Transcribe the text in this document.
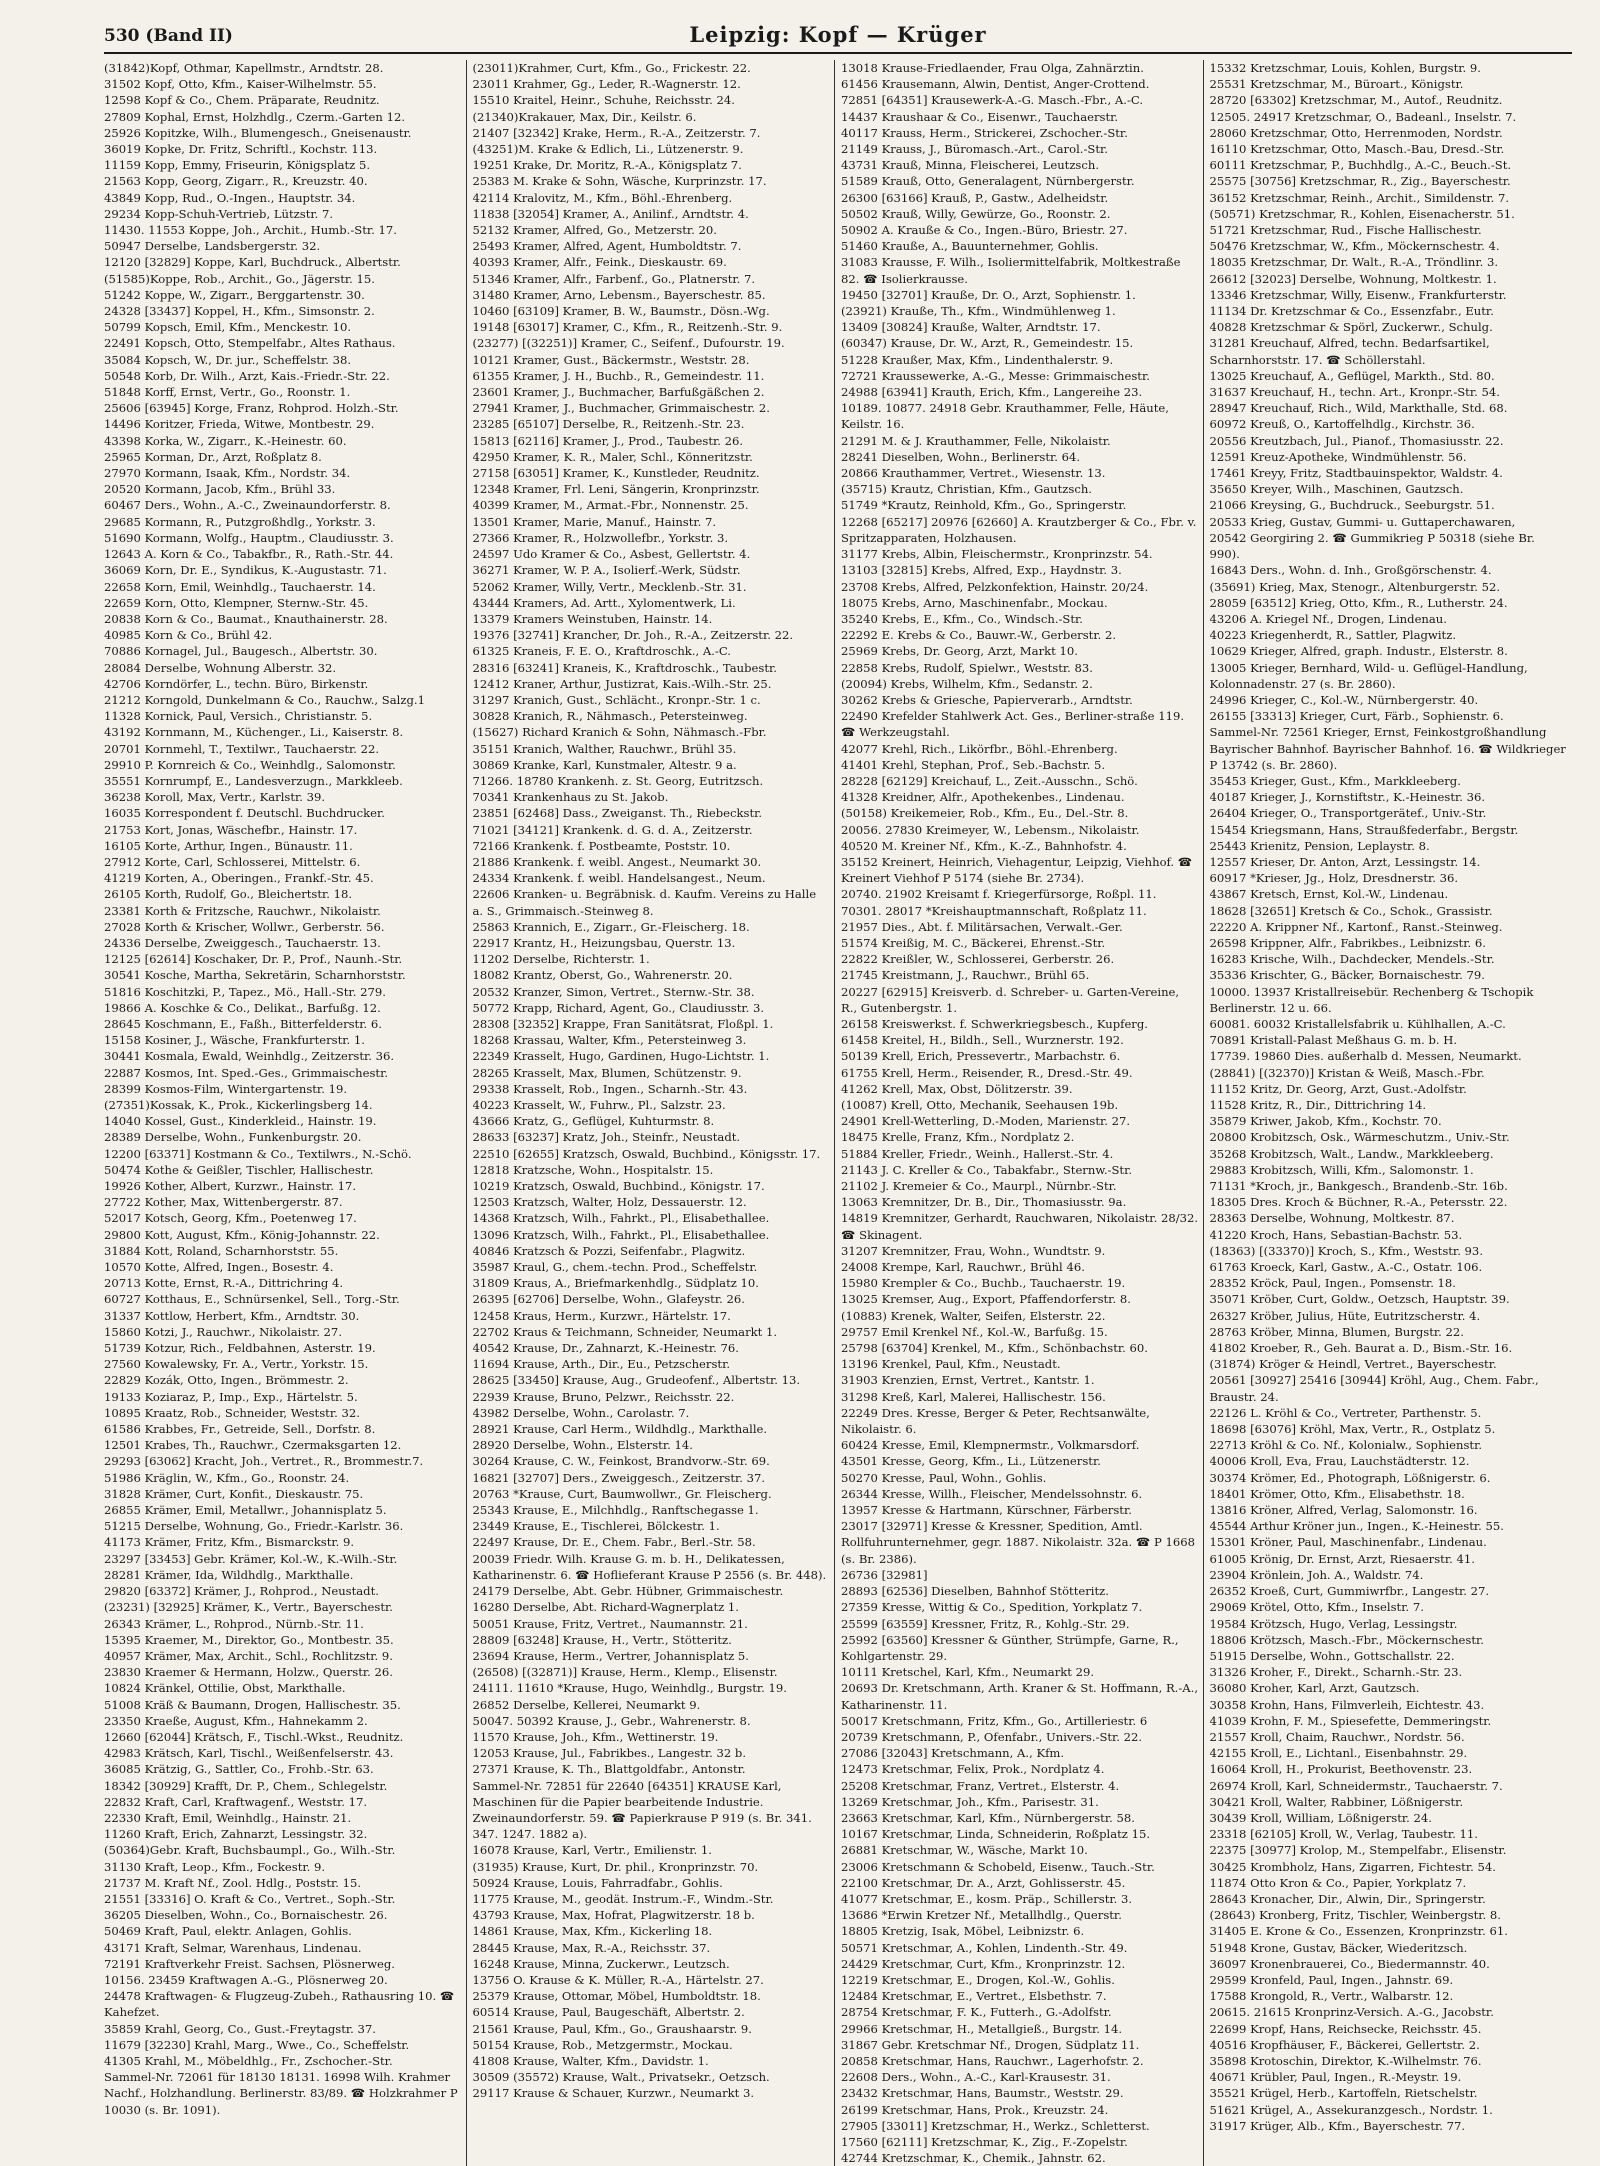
530 (Band II)	Leipzig: Kopf — Krüger
(31842)Kopf, Othmar, Kapellmstr., Arndtstr. 28.
31502 Kopf, Otto, Kfm., Kaiser-Wilhelmstr. 55.
12598 Kopf & Co., Chem. Präparate, Reudnitz.
27809 Kophal, Ernst, Holzhdlg., Czerm.-Garten 12.
25926 Kopitzke, Wilh., Blumengesch., Gneisenaustr.
36019 Kopke, Dr. Fritz, Schriftl., Kochstr. 113.
11159 Kopp, Emmy, Friseurin, Königsplatz 5.
21563 Kopp, Georg, Zigarr., R., Kreuzstr. 40.
43849 Kopp, Rud., O.-Ingen., Hauptstr. 34.
29234 Kopp-Schuh-Vertrieb, Lützstr. 7.
11430. 11553 Koppe, Joh., Archit., Humb.-Str. 17.
50947 Derselbe, Landsbergerstr. 32.
12120 [32829] Koppe, Karl, Buchdruck., Albertstr.
(51585)Koppe, Rob., Archit., Go., Jägerstr. 15.
51242 Koppe, W., Zigarr., Berggartenstr. 30.
24328 [33437] Koppel, H., Kfm., Simsonstr. 2.
50799 Kopsch, Emil, Kfm., Menckestr. 10.
22491 Kopsch, Otto, Stempelfabr., Altes Rathaus.
35084 Kopsch, W., Dr. jur., Scheffelstr. 38.
50548 Korb, Dr. Wilh., Arzt, Kais.-Friedr.-Str. 22.
51848 Korff, Ernst, Vertr., Go., Roonstr. 1.
25606 [63945] Korge, Franz, Rohprod. Holzh.-Str.
14496 Koritzer, Frieda, Witwe, Montbestr. 29.
43398 Korka, W., Zigarr., K.-Heinestr. 60.
25965 Korman, Dr., Arzt, Roßplatz 8.
27970 Kormann, Isaak, Kfm., Nordstr. 34.
20520 Kormann, Jacob, Kfm., Brühl 33.
60467 Ders., Wohn., A.-C., Zweinaundorferstr. 8.
29685 Kormann, R., Putzgroßhdlg., Yorkstr. 3.
51690 Kormann, Wolfg., Hauptm., Claudiusstr. 3.
12643 A. Korn & Co., Tabakfbr., R., Rath.-Str. 44.
36069 Korn, Dr. E., Syndikus, K.-Augustastr. 71.
22658 Korn, Emil, Weinhdlg., Tauchaerstr. 14.
22659 Korn, Otto, Klempner, Sternw.-Str. 45.
20838 Korn & Co., Baumat., Knauthainerstr. 28.
40985 Korn & Co., Brühl 42.
70886 Kornagel, Jul., Baugesch., Albertstr. 30.
28084 Derselbe, Wohnung Alberstr. 32.
42706 Korndörfer, L., techn. Büro, Birkenstr.
21212 Korngold, Dunkelmann & Co., Rauchw., Salzg.1
11328 Kornick, Paul, Versich., Christianstr. 5.
43192 Kornmann, M., Küchenger., Li., Kaiserstr. 8.
20701 Kornmehl, T., Textilwr., Tauchaerstr. 22.
29910 P. Kornreich & Co., Weinhdlg., Salomonstr.
35551 Kornrumpf, E., Landesverzugn., Markkleeb.
36238 Koroll, Max, Vertr., Karlstr. 39.
16035 Korrespondent f. Deutschl. Buchdrucker.
21753 Kort, Jonas, Wäschefbr., Hainstr. 17.
16105 Korte, Arthur, Ingen., Bünaustr. 11.
27912 Korte, Carl, Schlosserei, Mittelstr. 6.
41219 Korten, A., Oberingen., Frankf.-Str. 45.
26105 Korth, Rudolf, Go., Bleichertstr. 18.
23381 Korth & Fritzsche, Rauchwr., Nikolaistr.
27028 Korth & Krischer, Wollwr., Gerberstr. 56.
24336 Derselbe, Zweiggesch., Tauchaerstr. 13.
12125 [62614] Koschaker, Dr. P., Prof., Naunh.-Str.
30541 Kosche, Martha, Sekretärin, Scharnhorststr.
51816 Koschitzki, P., Tapez., Mö., Hall.-Str. 279.
19866 A. Koschke & Co., Delikat., Barfußg. 12.
28645 Koschmann, E., Faßh., Bitterfelderstr. 6.
15158 Kosiner, J., Wäsche, Frankfurterstr. 1.
30441 Kosmala, Ewald, Weinhdlg., Zeitzerstr. 36.
22887 Kosmos, Int. Sped.-Ges., Grimmaischestr.
28399 Kosmos-Film, Wintergartenstr. 19.
(27351)Kossak, K., Prok., Kickerlingsberg 14.
14040 Kossel, Gust., Kinderkleid., Hainstr. 19.
28389 Derselbe, Wohn., Funkenburgstr. 20.
12200 [63371] Kostmann & Co., Textilwrs., N.-Schö.
50474 Kothe & Geißler, Tischler, Hallischestr.
19926 Kother, Albert, Kurzwr., Hainstr. 17.
27722 Kother, Max, Wittenbergerstr. 87.
52017 Kotsch, Georg, Kfm., Poetenweg 17.
29800 Kott, August, Kfm., König-Johannstr. 22.
31884 Kott, Roland, Scharnhorststr. 55.
10570 Kotte, Alfred, Ingen., Bosestr. 4.
20713 Kotte, Ernst, R.-A., Dittrichring 4.
60727 Kotthaus, E., Schnürsenkel, Sell., Torg.-Str.
31337 Kottlow, Herbert, Kfm., Arndtstr. 30.
15860 Kotzi, J., Rauchwr., Nikolaistr. 27.
51739 Kotzur, Rich., Feldbahnen, Asterstr. 19.
27560 Kowalewsky, Fr. A., Vertr., Yorkstr. 15.
22829 Kozák, Otto, Ingen., Brömmestr. 2.
19133 Koziaraz, P., Imp., Exp., Härtelstr. 5.
10895 Kraatz, Rob., Schneider, Weststr. 32.
61586 Krabbes, Fr., Getreide, Sell., Dorfstr. 8.
12501 Krabes, Th., Rauchwr., Czermaksgarten 12.
29293 [63062] Kracht, Joh., Vertret., R., Brommestr.7.
51986 Kräglin, W., Kfm., Go., Roonstr. 24.
31828 Krämer, Curt, Konfit., Dieskaustr. 75.
26855 Krämer, Emil, Metallwr., Johannisplatz 5.
51215 Derselbe, Wohnung, Go., Friedr.-Karlstr. 36.
41173 Krämer, Fritz, Kfm., Bismarckstr. 9.
23297 [33453] Gebr. Krämer, Kol.-W., K.-Wilh.-Str.
28281 Krämer, Ida, Wildhdlg., Markthalle.
29820 [63372] Krämer, J., Rohprod., Neustadt.
(23231) [32925] Krämer, K., Vertr., Bayerschestr.
26343 Krämer, L., Rohprod., Nürnb.-Str. 11.
15395 Kraemer, M., Direktor, Go., Montbestr. 35.
40957 Krämer, Max, Archit., Schl., Rochlitzstr. 9.
23830 Kraemer & Hermann, Holzw., Querstr. 26.
10824 Kränkel, Ottilie, Obst, Markthalle.
51008 Kräß & Baumann, Drogen, Hallischestr. 35.
23350 Kraeße, August, Kfm., Hahnekamm 2.
12660 [62044] Krätsch, F., Tischl.-Wkst., Reudnitz.
42983 Krätsch, Karl, Tischl., Weißenfelserstr. 43.
36085 Krätzig, G., Sattler, Co., Frohb.-Str. 63.
18342 [30929] Krafft, Dr. P., Chem., Schlegelstr.
22832 Kraft, Carl, Kraftwagenf., Weststr. 17.
22330 Kraft, Emil, Weinhdlg., Hainstr. 21.
11260 Kraft, Erich, Zahnarzt, Lessingstr. 32.
(50364)Gebr. Kraft, Buchsbaumpl., Go., Wilh.-Str.
31130 Kraft, Leop., Kfm., Fockestr. 9.
21737 M. Kraft Nf., Zool. Hdlg., Poststr. 15.
21551 [33316] O. Kraft & Co., Vertret., Soph.-Str.
36205 Dieselben, Wohn., Co., Bornaischestr. 26.
50469 Kraft, Paul, elektr. Anlagen, Gohlis.
43171 Kraft, Selmar, Warenhaus, Lindenau.
72191 Kraftverkehr Freist. Sachsen, Plösnerweg.
10156. 23459 Kraftwagen A.-G., Plösnerweg 20.
24478 Kraftwagen- & Flugzeug-Zubeh., Rathausring 10. ☎ Kahefzet.
35859 Krahl, Georg, Co., Gust.-Freytagstr. 37.
11679 [32230] Krahl, Marg., Wwe., Co., Scheffelstr.
41305 Krahl, M., Möbeldhlg., Fr., Zschocher.-Str.
Sammel-Nr. 72061 für 18130 18131. 16998 Wilh. Krahmer Nachf., Holzhandlung. Berlinerstr. 83/89. ☎ Holzkrahmer P 10030 (s. Br. 1091).
(23011)Krahmer, Curt, Kfm., Go., Frickestr. 22.
23011 Krahmer, Gg., Leder, R.-Wagnerstr. 12.
15510 Kraitel, Heinr., Schuhe, Reichsstr. 24.
(21340)Krakauer, Max, Dir., Keilstr. 6.
21407 [32342] Krake, Herm., R.-A., Zeitzerstr. 7.
(43251)M. Krake & Edlich, Li., Lützenerstr. 9.
19251 Krake, Dr. Moritz, R.-A., Königsplatz 7.
25383 M. Krake & Sohn, Wäsche, Kurprinzstr. 17.
42114 Kralovitz, M., Kfm., Böhl.-Ehrenberg.
11838 [32054] Kramer, A., Anilinf., Arndtstr. 4.
52132 Kramer, Alfred, Go., Metzerstr. 20.
25493 Kramer, Alfred, Agent, Humboldtstr. 7.
40393 Kramer, Alfr., Feink., Dieskaustr. 69.
51346 Kramer, Alfr., Farbenf., Go., Platnerstr. 7.
31480 Kramer, Arno, Lebensm., Bayerschestr. 85.
10460 [63109] Kramer, B. W., Baumstr., Dösn.-Wg.
19148 [63017] Kramer, C., Kfm., R., Reitzenh.-Str. 9.
(23277) [(32251)] Kramer, C., Seifenf., Dufourstr. 19.
10121 Kramer, Gust., Bäckermstr., Weststr. 28.
61355 Kramer, J. H., Buchb., R., Gemeindestr. 11.
23601 Kramer, J., Buchmacher, Barfußgäßchen 2.
27941 Kramer, J., Buchmacher, Grimmaischestr. 2.
23285 [65107] Derselbe, R., Reitzenh.-Str. 23.
15813 [62116] Kramer, J., Prod., Taubestr. 26.
42950 Kramer, K. R., Maler, Schl., Könneritzstr.
27158 [63051] Kramer, K., Kunstleder, Reudnitz.
12348 Kramer, Frl. Leni, Sängerin, Kronprinzstr.
40399 Kramer, M., Armat.-Fbr., Nonnenstr. 25.
13501 Kramer, Marie, Manuf., Hainstr. 7.
27366 Kramer, R., Holzwollefbr., Yorkstr. 3.
24597 Udo Kramer & Co., Asbest, Gellertstr. 4.
36271 Kramer, W. P. A., Isolierf.-Werk, Südstr.
52062 Kramer, Willy, Vertr., Mecklenb.-Str. 31.
43444 Kramers, Ad. Artt., Xylomentwerk, Li.
13379 Kramers Weinstuben, Hainstr. 14.
19376 [32741] Krancher, Dr. Joh., R.-A., Zeitzerstr. 22.
61325 Kraneis, F. E. O., Kraftdroschk., A.-C.
28316 [63241] Kraneis, K., Kraftdroschk., Taubestr.
12412 Kraner, Arthur, Justizrat, Kais.-Wilh.-Str. 25.
31297 Kranich, Gust., Schlächt., Kronpr.-Str. 1 c.
30828 Kranich, R., Nähmasch., Petersteinweg.
(15627) Richard Kranich & Sohn, Nähmasch.-Fbr.
35151 Kranich, Walther, Rauchwr., Brühl 35.
30869 Kranke, Karl, Kunstmaler, Altestr. 9 a.
71266. 18780 Krankenh. z. St. Georg, Eutritzsch.
70341 Krankenhaus zu St. Jakob.
23851 [62468] Dass., Zweiganst. Th., Riebeckstr.
71021 [34121] Krankenk. d. G. d. A., Zeitzerstr.
72166 Krankenk. f. Postbeamte, Poststr. 10.
21886 Krankenk. f. weibl. Angest., Neumarkt 30.
24334 Krankenk. f. weibl. Handelsangest., Neum.
22606 Kranken- u. Begräbnisk. d. Kaufm. Vereins zu Halle a. S., Grimmaisch.-Steinweg 8.
25863 Krannich, E., Zigarr., Gr.-Fleischerg. 18.
22917 Krantz, H., Heizungsbau, Querstr. 13.
11202 Derselbe, Richterstr. 1.
18082 Krantz, Oberst, Go., Wahrenerstr. 20.
20532 Kranzer, Simon, Vertret., Sternw.-Str. 38.
50772 Krapp, Richard, Agent, Go., Claudiusstr. 3.
28308 [32352] Krappe, Fran Sanitätsrat, Floßpl. 1.
18268 Krassau, Walter, Kfm., Petersteinweg 3.
22349 Krasselt, Hugo, Gardinen, Hugo-Lichtstr. 1.
28265 Krasselt, Max, Blumen, Schützenstr. 9.
29338 Krasselt, Rob., Ingen., Scharnh.-Str. 43.
40223 Krasselt, W., Fuhrw., Pl., Salzstr. 23.
43666 Kratz, G., Geflügel, Kuhturmstr. 8.
28633 [63237] Kratz, Joh., Steinfr., Neustadt.
22510 [62655] Kratzsch, Oswald, Buchbind., Königsstr. 17.
12818 Kratzsche, Wohn., Hospitalstr. 15.
10219 Kratzsch, Oswald, Buchbind., Königstr. 17.
12503 Kratzsch, Walter, Holz, Dessauerstr. 12.
14368 Kratzsch, Wilh., Fahrkt., Pl., Elisabethallee.
13096 Kratzsch, Wilh., Fahrkt., Pl., Elisabethallee.
40846 Kratzsch & Pozzi, Seifenfabr., Plagwitz.
35987 Kraul, G., chem.-techn. Prod., Scheffelstr.
31809 Kraus, A., Briefmarkenhdlg., Südplatz 10.
26395 [62706] Derselbe, Wohn., Glafeystr. 26.
12458 Kraus, Herm., Kurzwr., Härtelstr. 17.
22702 Kraus & Teichmann, Schneider, Neumarkt 1.
40542 Krause, Dr., Zahnarzt, K.-Heinestr. 76.
11694 Krause, Arth., Dir., Eu., Petzscherstr.
28625 [33450] Krause, Aug., Grudeofenf., Albertstr. 13.
22939 Krause, Bruno, Pelzwr., Reichsstr. 22.
43982 Derselbe, Wohn., Carolastr. 7.
28921 Krause, Carl Herm., Wildhdlg., Markthalle.
28920 Derselbe, Wohn., Elsterstr. 14.
30264 Krause, C. W., Feinkost, Brandvorw.-Str. 69.
16821 [32707] Ders., Zweiggesch., Zeitzerstr. 37.
20763 *Krause, Curt, Baumwollwr., Gr. Fleischerg.
25343 Krause, E., Milchhdlg., Ranftschegasse 1.
23449 Krause, E., Tischlerei, Bölckestr. 1.
22497 Krause, Dr. E., Chem. Fabr., Berl.-Str. 58.
20039 Friedr. Wilh. Krause G. m. b. H., Delikatessen, Katharinenstr. 6. ☎ Hoflieferant Krause P 2556 (s. Br. 448).
24179 Derselbe, Abt. Gebr. Hübner, Grimmaischestr.
16280 Derselbe, Abt. Richard-Wagnerplatz 1.
50051 Krause, Fritz, Vertret., Naumannstr. 21.
28809 [63248] Krause, H., Vertr., Stötteritz.
23694 Krause, Herm., Vertrer, Johannisplatz 5.
(26508) [(32871)] Krause, Herm., Klemp., Elisenstr.
24111. 11610 *Krause, Hugo, Weinhdlg., Burgstr. 19.
26852 Derselbe, Kellerei, Neumarkt 9.
50047. 50392 Krause, J., Gebr., Wahrenerstr. 8.
11570 Krause, Joh., Kfm., Wettinerstr. 19.
12053 Krause, Jul., Fabrikbes., Langestr. 32 b.
27371 Krause, K. Th., Blattgoldfabr., Antonstr.
Sammel-Nr. 72851 für 22640 [64351] KRAUSE Karl, Maschinen für die Papier bearbeitende Industrie. Zweinaundorferstr. 59. ☎ Papierkrause P 919 (s. Br. 341. 347. 1247. 1882 a).
16078 Krause, Karl, Vertr., Emilienstr. 1.
(31935) Krause, Kurt, Dr. phil., Kronprinzstr. 70.
50924 Krause, Louis, Fahrradfabr., Gohlis.
11775 Krause, M., geodät. Instrum.-F., Windm.-Str.
43793 Krause, Max, Hofrat, Plagwitzerstr. 18 b.
14861 Krause, Max, Kfm., Kickerling 18.
28445 Krause, Max, R.-A., Reichsstr. 37.
16248 Krause, Minna, Zuckerwr., Leutzsch.
13756 O. Krause & K. Müller, R.-A., Härtelstr. 27.
25379 Krause, Ottomar, Möbel, Humboldtstr. 18.
60514 Krause, Paul, Baugeschäft, Albertstr. 2.
21561 Krause, Paul, Kfm., Go., Graushaarstr. 9.
50154 Krause, Rob., Metzgermstr., Mockau.
41808 Krause, Walter, Kfm., Davidstr. 1.
30509 (35572) Krause, Walt., Privatsekr., Oetzsch.
29117 Krause & Schauer, Kurzwr., Neumarkt 3.
13018 Krause-Friedlaender, Frau Olga, Zahnärztin.
61456 Krausemann, Alwin, Dentist, Anger-Crottend.
72851 [64351] Krausewerk-A.-G. Masch.-Fbr., A.-C.
14437 Kraushaar & Co., Eisenwr., Tauchaerstr.
40117 Krauss, Herm., Strickerei, Zschocher.-Str.
21149 Krauss, J., Büromasch.-Art., Carol.-Str.
43731 Krauß, Minna, Fleischerei, Leutzsch.
51589 Krauß, Otto, Generalagent, Nürnbergerstr.
26300 [63166] Krauß, P., Gastw., Adelheidstr.
50502 Krauß, Willy, Gewürze, Go., Roonstr. 2.
50902 A. Krauße & Co., Ingen.-Büro, Briestr. 27.
51460 Krauße, A., Bauunternehmer, Gohlis.
31083 Krausse, F. Wilh., Isoliermittelfabrik, Moltkestraße 82. ☎ Isolierkrausse.
19450 [32701] Krauße, Dr. O., Arzt, Sophienstr. 1.
(23921) Krauße, Th., Kfm., Windmühlenweg 1.
13409 [30824] Krauße, Walter, Arndtstr. 17.
(60347) Krause, Dr. W., Arzt, R., Gemeindestr. 15.
51228 Kraußer, Max, Kfm., Lindenthalerstr. 9.
72721 Kraussewerke, A.-G., Messe: Grimmaischestr.
24988 [63941] Krauth, Erich, Kfm., Langereihe 23.
10189. 10877. 24918 Gebr. Krauthammer, Felle, Häute, Keilstr. 16.
21291 M. & J. Krauthammer, Felle, Nikolaistr.
28241 Dieselben, Wohn., Berlinerstr. 64.
20866 Krauthammer, Vertret., Wiesenstr. 13.
(35715) Krautz, Christian, Kfm., Gautzsch.
51749 *Krautz, Reinhold, Kfm., Go., Springerstr.
12268 [65217] 20976 [62660] A. Krautzberger & Co., Fbr. v. Spritzapparaten, Holzhausen.
31177 Krebs, Albin, Fleischermstr., Kronprinzstr. 54.
13103 [32815] Krebs, Alfred, Exp., Haydnstr. 3.
23708 Krebs, Alfred, Pelzkonfektion, Hainstr. 20/24.
18075 Krebs, Arno, Maschinenfabr., Mockau.
35240 Krebs, E., Kfm., Co., Windsch.-Str.
22292 E. Krebs & Co., Bauwr.-W., Gerberstr. 2.
25969 Krebs, Dr. Georg, Arzt, Markt 10.
22858 Krebs, Rudolf, Spielwr., Weststr. 83.
(20094) Krebs, Wilhelm, Kfm., Sedanstr. 2.
30262 Krebs & Griesche, Papierverarb., Arndtstr.
22490 Krefelder Stahlwerk Act. Ges., Berliner-straße 119. ☎ Werkzeugstahl.
42077 Krehl, Rich., Likörfbr., Böhl.-Ehrenberg.
41401 Krehl, Stephan, Prof., Seb.-Bachstr. 5.
28228 [62129] Kreichauf, L., Zeit.-Ausschn., Schö.
41328 Kreidner, Alfr., Apothekenbes., Lindenau.
(50158) Kreikemeier, Rob., Kfm., Eu., Del.-Str. 8.
20056. 27830 Kreimeyer, W., Lebensm., Nikolaistr.
40520 M. Kreiner Nf., Kfm., K.-Z., Bahnhofstr. 4.
35152 Kreinert, Heinrich, Viehagentur, Leipzig, Viehhof. ☎ Kreinert Viehhof P 5174 (siehe Br. 2734).
20740. 21902 Kreisamt f. Kriegerfürsorge, Roßpl. 11.
70301. 28017 *Kreishauptmannschaft, Roßplatz 11.
21957 Dies., Abt. f. Militärsachen, Verwalt.-Ger.
51574 Kreißig, M. C., Bäckerei, Ehrenst.-Str.
22822 Kreißler, W., Schlosserei, Gerberstr. 26.
21745 Kreistmann, J., Rauchwr., Brühl 65.
20227 [62915] Kreisverb. d. Schreber- u. Garten-Vereine, R., Gutenbergstr. 1.
26158 Kreiswerkst. f. Schwerkriegsbesch., Kupferg.
61458 Kreitel, H., Bildh., Sell., Wurznerstr. 192.
50139 Krell, Erich, Pressevertr., Marbachstr. 6.
61755 Krell, Herm., Reisender, R., Dresd.-Str. 49.
41262 Krell, Max, Obst, Dölitzerstr. 39.
(10087) Krell, Otto, Mechanik, Seehausen 19b.
24901 Krell-Wetterling, D.-Moden, Marienstr. 27.
18475 Krelle, Franz, Kfm., Nordplatz 2.
51884 Kreller, Friedr., Weinh., Hallerst.-Str. 4.
21143 J. C. Kreller & Co., Tabakfabr., Sternw.-Str.
21102 J. Kremeier & Co., Maurpl., Nürnbr.-Str.
13063 Kremnitzer, Dr. B., Dir., Thomasiusstr. 9a.
14819 Kremnitzer, Gerhardt, Rauchwaren, Nikolaistr. 28/32. ☎ Skinagent.
31207 Kremnitzer, Frau, Wohn., Wundtstr. 9.
24008 Krempe, Karl, Rauchwr., Brühl 46.
15980 Krempler & Co., Buchb., Tauchaerstr. 19.
13025 Kremser, Aug., Export, Pfaffendorferstr. 8.
(10883) Krenek, Walter, Seifen, Elsterstr. 22.
29757 Emil Krenkel Nf., Kol.-W., Barfußg. 15.
25798 [63704] Krenkel, M., Kfm., Schönbachstr. 60.
13196 Krenkel, Paul, Kfm., Neustadt.
31903 Krenzien, Ernst, Vertret., Kantstr. 1.
31298 Kreß, Karl, Malerei, Hallischestr. 156.
22249 Dres. Kresse, Berger & Peter, Rechtsanwälte, Nikolaistr. 6.
60424 Kresse, Emil, Klempnermstr., Volkmarsdorf.
43501 Kresse, Georg, Kfm., Li., Lützenerstr.
50270 Kresse, Paul, Wohn., Gohlis.
26344 Kresse, Willh., Fleischer, Mendelssohnstr. 6.
13957 Kresse & Hartmann, Kürschner, Färberstr.
23017 [32971] Kresse & Kressner, Spedition, Amtl. Rollfuhrunternehmer, gegr. 1887. Nikolaistr. 32a. ☎ P 1668 (s. Br. 2386).
26736 [32981]
28893 [62536] Dieselben, Bahnhof Stötteritz.
27359 Kresse, Wittig & Co., Spedition, Yorkplatz 7.
25599 [63559] Kressner, Fritz, R., Kohlg.-Str. 29.
25992 [63560] Kressner & Günther, Strümpfe, Garne, R., Kohlgartenstr. 29.
10111 Kretschel, Karl, Kfm., Neumarkt 29.
20693 Dr. Kretschmann, Arth. Kraner & St. Hoffmann, R.-A., Katharinenstr. 11.
50017 Kretschmann, Fritz, Kfm., Go., Artilleriestr. 6
20739 Kretschmann, P., Ofenfabr., Univers.-Str. 22.
27086 [32043] Kretschmann, A., Kfm.
12473 Kretschmar, Felix, Prok., Nordplatz 4.
25208 Kretschmar, Franz, Vertret., Elsterstr. 4.
13269 Kretschmar, Joh., Kfm., Parisestr. 31.
23663 Kretschmar, Karl, Kfm., Nürnbergerstr. 58.
10167 Kretschmar, Linda, Schneiderin, Roßplatz 15.
26881 Kretschmar, W., Wäsche, Markt 10.
23006 Kretschmann & Schobeld, Eisenw., Tauch.-Str.
22100 Kretschmar, Dr. A., Arzt, Gohlisserstr. 45.
41077 Kretschmar, E., kosm. Präp., Schillerstr. 3.
13686 *Erwin Kretzer Nf., Metallhdlg., Querstr.
18805 Kretzig, Isak, Möbel, Leibnizstr. 6.
50571 Kretschmar, A., Kohlen, Lindenth.-Str. 49.
24429 Kretschmar, Curt, Kfm., Kronprinzstr. 12.
12219 Kretschmar, E., Drogen, Kol.-W., Gohlis.
12484 Kretschmar, E., Vertret., Elsbethstr. 7.
28754 Kretschmar, F. K., Futterh., G.-Adolfstr.
29966 Kretschmar, H., Metallgieß., Burgstr. 14.
31867 Gebr. Kretschmar Nf., Drogen, Südplatz 11.
20858 Kretschmar, Hans, Rauchwr., Lagerhofstr. 2.
22608 Ders., Wohn., A.-C., Karl-Krausestr. 31.
23432 Kretschmar, Hans, Baumstr., Weststr. 29.
26199 Kretschmar, Hans, Prok., Kreuzstr. 24.
27905 [33011] Kretzschmar, H., Werkz., Schletterst.
17560 [62111] Kretzschmar, K., Zig., F.-Zopelstr.
42744 Kretzschmar, K., Chemik., Jahnstr. 62.
15332 Kretzschmar, Louis, Kohlen, Burgstr. 9.
25531 Kretzschmar, M., Büroart., Königstr.
28720 [63302] Kretzschmar, M., Autof., Reudnitz.
12505. 24917 Kretzschmar, O., Badeanl., Inselstr. 7.
28060 Kretzschmar, Otto, Herrenmoden, Nordstr.
16110 Kretzschmar, Otto, Masch.-Bau, Dresd.-Str.
60111 Kretzschmar, P., Buchhdlg., A.-C., Beuch.-St.
25575 [30756] Kretzschmar, R., Zig., Bayerschestr.
36152 Kretzschmar, Reinh., Archit., Simildenstr. 7.
(50571) Kretzschmar, R., Kohlen, Eisenacherstr. 51.
51721 Kretzschmar, Rud., Fische Hallischestr.
50476 Kretzschmar, W., Kfm., Möckernschestr. 4.
18035 Kretzschmar, Dr. Walt., R.-A., Tröndlinr. 3.
26612 [32023] Derselbe, Wohnung, Moltkestr. 1.
13346 Kretzschmar, Willy, Eisenw., Frankfurterstr.
11134 Dr. Kretzschmar & Co., Essenzfabr., Eutr.
40828 Kretzschmar & Spörl, Zuckerwr., Schulg.
31281 Kreuchauf, Alfred, techn. Bedarfsartikel, Scharnhorststr. 17. ☎ Schöllerstahl.
13025 Kreuchauf, A., Geflügel, Markth., Std. 80.
31637 Kreuchauf, H., techn. Art., Kronpr.-Str. 54.
28947 Kreuchauf, Rich., Wild, Markthalle, Std. 68.
60972 Kreuß, O., Kartoffelhdlg., Kirchstr. 36.
20556 Kreutzbach, Jul., Pianof., Thomasiusstr. 22.
12591 Kreuz-Apotheke, Windmühlenstr. 56.
17461 Kreyy, Fritz, Stadtbauinspektor, Waldstr. 4.
35650 Kreyer, Wilh., Maschinen, Gautzsch.
21066 Kreysing, G., Buchdruck., Seeburgstr. 51.
20533 Krieg, Gustav, Gummi- u. Guttaperchawaren,
20542 Georgiring 2. ☎ Gummikrieg P 50318 (siehe Br. 990).
16843 Ders., Wohn. d. Inh., Großgörschenstr. 4.
(35691) Krieg, Max, Stenogr., Altenburgerstr. 52.
28059 [63512] Krieg, Otto, Kfm., R., Lutherstr. 24.
43206 A. Kriegel Nf., Drogen, Lindenau.
40223 Kriegenherdt, R., Sattler, Plagwitz.
10629 Krieger, Alfred, graph. Industr., Elsterstr. 8.
13005 Krieger, Bernhard, Wild- u. Geflügel-Handlung, Kolonnadenstr. 27 (s. Br. 2860).
24996 Krieger, C., Kol.-W., Nürnbergerstr. 40.
26155 [33313] Krieger, Curt, Färb., Sophienstr. 6.
Sammel-Nr. 72561 Krieger, Ernst, Feinkostgroßhandlung Bayrischer Bahnhof. Bayrischer Bahnhof. 16. ☎ Wildkrieger P 13742 (s. Br. 2860).
35453 Krieger, Gust., Kfm., Markkleeberg.
40187 Krieger, J., Kornstiftstr., K.-Heinestr. 36.
26404 Krieger, O., Transportgerätef., Univ.-Str.
15454 Kriegsmann, Hans, Straußfederfabr., Bergstr.
25443 Krienitz, Pension, Leplaystr. 8.
12557 Krieser, Dr. Anton, Arzt, Lessingstr. 14.
60917 *Krieser, Jg., Holz, Dresdnerstr. 36.
43867 Kretsch, Ernst, Kol.-W., Lindenau.
18628 [32651] Kretsch & Co., Schok., Grassistr.
22220 A. Krippner Nf., Kartonf., Ranst.-Steinweg.
26598 Krippner, Alfr., Fabrikbes., Leibnizstr. 6.
16283 Krische, Wilh., Dachdecker, Mendels.-Str.
35336 Krischter, G., Bäcker, Bornaischestr. 79.
10000. 13937 Kristallreisebür. Rechenberg & Tschopik Berlinerstr. 12 u. 66.
60081. 60032 Kristallelsfabrik u. Kühlhallen, A.-C.
70891 Kristall-Palast Meßhaus G. m. b. H.
17739. 19860 Dies. außerhalb d. Messen, Neumarkt.
(28841) [(32370)] Kristan & Weiß, Masch.-Fbr.
11152 Kritz, Dr. Georg, Arzt, Gust.-Adolfstr.
11528 Kritz, R., Dir., Dittrichring 14.
35879 Kriwer, Jakob, Kfm., Kochstr. 70.
20800 Krobitzsch, Osk., Wärmeschutzm., Univ.-Str.
35268 Krobitzsch, Walt., Landw., Markkleeberg.
29883 Krobitzsch, Willi, Kfm., Salomonstr. 1.
71131 *Kroch, jr., Bankgesch., Brandenb.-Str. 16b.
18305 Dres. Kroch & Büchner, R.-A., Petersstr. 22.
28363 Derselbe, Wohnung, Moltkestr. 87.
41220 Kroch, Hans, Sebastian-Bachstr. 53.
(18363) [(33370)] Kroch, S., Kfm., Weststr. 93.
61763 Kroeck, Karl, Gastw., A.-C., Ostatr. 106.
28352 Kröck, Paul, Ingen., Pomsenstr. 18.
35071 Kröber, Curt, Goldw., Oetzsch, Hauptstr. 39.
26327 Kröber, Julius, Hüte, Eutritzscherstr. 4.
28763 Kröber, Minna, Blumen, Burgstr. 22.
41802 Kroeber, R., Geh. Baurat a. D., Bism.-Str. 16.
(31874) Kröger & Heindl, Vertret., Bayerschestr.
20561 [30927] 25416 [30944] Kröhl, Aug., Chem. Fabr., Braustr. 24.
22126 L. Kröhl & Co., Vertreter, Parthenstr. 5.
18698 [63076] Kröhl, Max, Vertr., R., Ostplatz 5.
22713 Kröhl & Co. Nf., Kolonialw., Sophienstr.
40006 Kroll, Eva, Frau, Lauchstädterstr. 12.
30374 Krömer, Ed., Photograph, Lößnigerstr. 6.
18401 Krömer, Otto, Kfm., Elisabethstr. 18.
13816 Kröner, Alfred, Verlag, Salomonstr. 16.
45544 Arthur Kröner jun., Ingen., K.-Heinestr. 55.
15301 Kröner, Paul, Maschinenfabr., Lindenau.
61005 Krönig, Dr. Ernst, Arzt, Riesaerstr. 41.
23904 Krönlein, Joh. A., Waldstr. 74.
26352 Kroeß, Curt, Gummiwrfbr., Langestr. 27.
29069 Krötel, Otto, Kfm., Inselstr. 7.
19584 Krötzsch, Hugo, Verlag, Lessingstr.
18806 Krötzsch, Masch.-Fbr., Möckernschestr.
51915 Derselbe, Wohn., Gottschallstr. 22.
31326 Kroher, F., Direkt., Scharnh.-Str. 23.
36080 Kroher, Karl, Arzt, Gautzsch.
30358 Krohn, Hans, Filmverleih, Eichtestr. 43.
41039 Krohn, F. M., Spiesefette, Demmeringstr.
21557 Kroll, Chaim, Rauchwr., Nordstr. 56.
42155 Kroll, E., Lichtanl., Eisenbahnstr. 29.
16064 Kroll, H., Prokurist, Beethovenstr. 23.
26974 Kroll, Karl, Schneidermstr., Tauchaerstr. 7.
30421 Kroll, Walter, Rabbiner, Lößnigerstr.
30439 Kroll, William, Lößnigerstr. 24.
23318 [62105] Kroll, W., Verlag, Taubestr. 11.
22375 [30977] Krolop, M., Stempelfabr., Elisenstr.
30425 Krombholz, Hans, Zigarren, Fichtestr. 54.
11874 Otto Kron & Co., Papier, Yorkplatz 7.
28643 Kronacher, Dir., Alwin, Dir., Springerstr.
(28643) Kronberg, Fritz, Tischler, Weinbergstr. 8.
31405 E. Krone & Co., Essenzen, Kronprinzstr. 61.
51948 Krone, Gustav, Bäcker, Wiederitzsch.
36097 Kronenbrauerei, Co., Biedermannstr. 40.
29599 Kronfeld, Paul, Ingen., Jahnstr. 69.
17588 Krongold, R., Vertr., Walbarstr. 12.
20615. 21615 Kronprinz-Versich. A.-G., Jacobstr.
22699 Kropf, Hans, Reichsecke, Reichsstr. 45.
40516 Kropfhäuser, F., Bäckerei, Gellertstr. 2.
35898 Krotoschin, Direktor, K.-Wilhelmstr. 76.
40671 Krübler, Paul, Ingen., R.-Meystr. 19.
35521 Krügel, Herb., Kartoffeln, Rietschelstr.
51621 Krügel, A., Assekuranzgesch., Nordstr. 1.
31917 Krüger, Alb., Kfm., Bayerschestr. 77.
